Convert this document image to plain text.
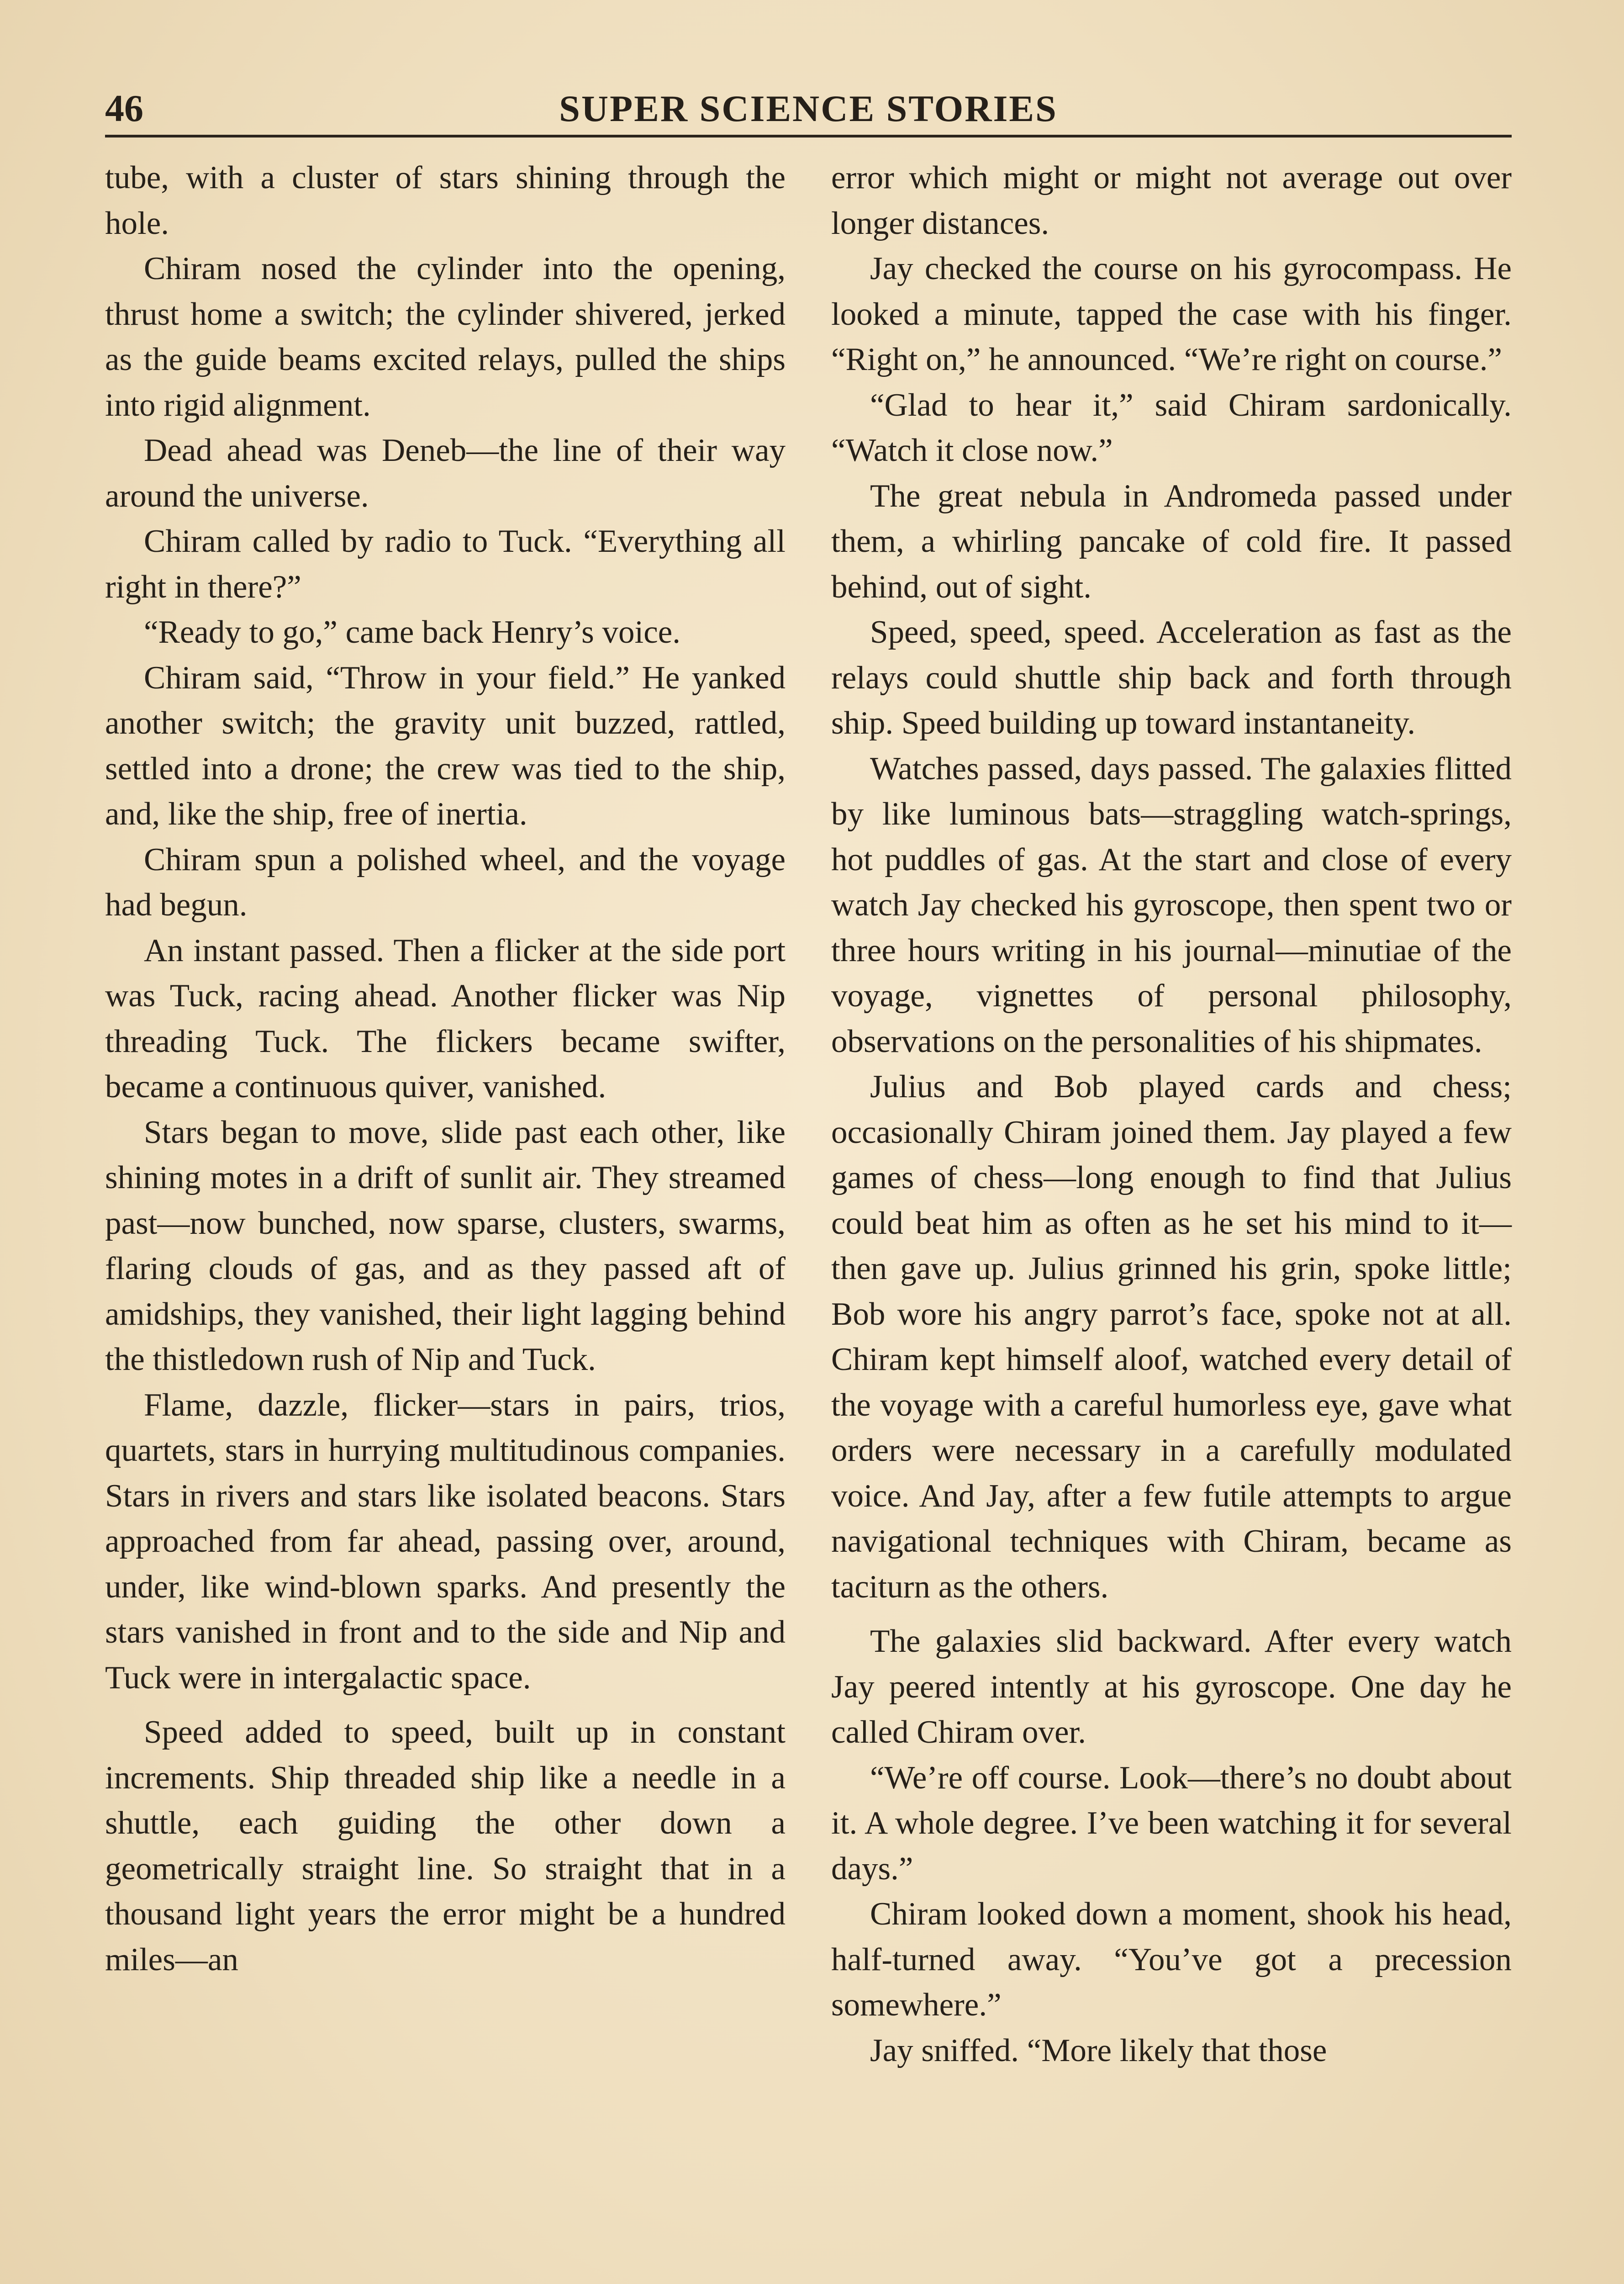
46	SUPER SCIENCE STORIES

tube, with a cluster of stars shining through the hole.

Chiram nosed the cylinder into the opening, thrust home a switch; the cylinder shivered, jerked as the guide beams excited relays, pulled the ships into rigid alignment.

Dead ahead was Deneb—the line of their way around the universe.

Chiram called by radio to Tuck. “Everything all right in there?”

“Ready to go,” came back Henry’s voice.

Chiram said, “Throw in your field.” He yanked another switch; the gravity unit buzzed, rattled, settled into a drone; the crew was tied to the ship, and, like the ship, free of inertia.

Chiram spun a polished wheel, and the voyage had begun.

An instant passed. Then a flicker at the side port was Tuck, racing ahead. Another flicker was Nip threading Tuck. The flickers became swifter, became a continuous quiver, vanished.

Stars began to move, slide past each other, like shining motes in a drift of sunlit air. They streamed past—now bunched, now sparse, clusters, swarms, flaring clouds of gas, and as they passed aft of amidships, they vanished, their light lagging behind the thistledown rush of Nip and Tuck.

Flame, dazzle, flicker—stars in pairs, trios, quartets, stars in hurrying multitudinous companies. Stars in rivers and stars like isolated beacons. Stars approached from far ahead, passing over, around, under, like wind-blown sparks. And presently the stars vanished in front and to the side and Nip and Tuck were in intergalactic space.

Speed added to speed, built up in constant increments. Ship threaded ship like a needle in a shuttle, each guiding the other down a geometrically straight line. So straight that in a thousand light years the error might be a hundred miles—an

error which might or might not average out over longer distances.

Jay checked the course on his gyrocompass. He looked a minute, tapped the case with his finger. “Right on,” he announced. “We’re right on course.”

“Glad to hear it,” said Chiram sardonically. “Watch it close now.”

The great nebula in Andromeda passed under them, a whirling pancake of cold fire. It passed behind, out of sight.

Speed, speed, speed. Acceleration as fast as the relays could shuttle ship back and forth through ship. Speed building up toward instantaneity.

Watches passed, days passed. The galaxies flitted by like luminous bats—straggling watch-springs, hot puddles of gas. At the start and close of every watch Jay checked his gyroscope, then spent two or three hours writing in his journal—minutiae of the voyage, vignettes of personal philosophy, observations on the personalities of his shipmates.

Julius and Bob played cards and chess; occasionally Chiram joined them. Jay played a few games of chess—long enough to find that Julius could beat him as often as he set his mind to it—then gave up. Julius grinned his grin, spoke little; Bob wore his angry parrot’s face, spoke not at all. Chiram kept himself aloof, watched every detail of the voyage with a careful humorless eye, gave what orders were necessary in a carefully modulated voice. And Jay, after a few futile attempts to argue navigational techniques with Chiram, became as taciturn as the others.

The galaxies slid backward. After every watch Jay peered intently at his gyroscope. One day he called Chiram over.

“We’re off course. Look—there’s no doubt about it. A whole degree. I’ve been watching it for several days.”

Chiram looked down a moment, shook his head, half-turned away. “You’ve got a precession somewhere.”

Jay sniffed. “More likely that those
